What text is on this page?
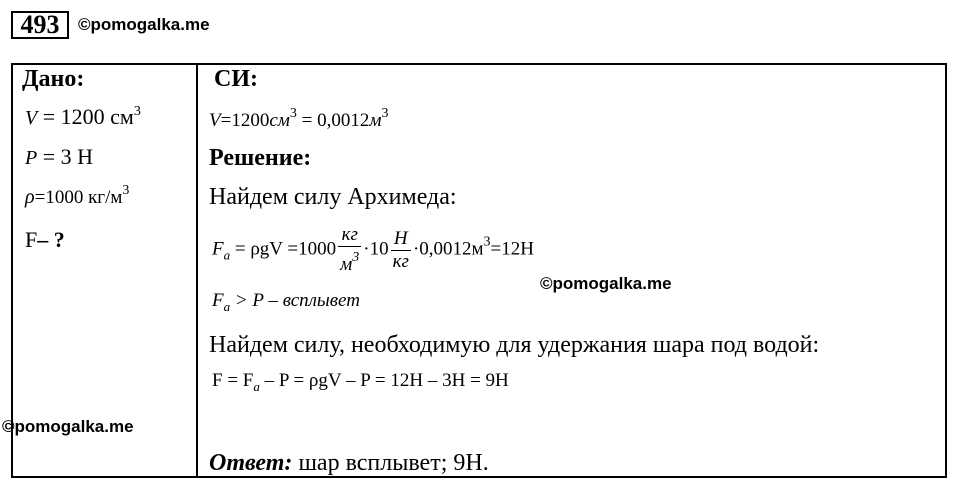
493	©pomogalka.me
Дано:
V = 1200 $см^3$
P = 3 Н
ρ=1000 $кг/м^3$
F– ?
СИ:
$V=1200см^3 = 0,0012м^3$
Решение:
Найдем силу Архимеда:
$F_a = \rho gV =1000 \frac{кг}{м^3} \cdot 10 \frac{Н}{кг} \cdot 0,0012м^3=12Н$
©pomogalka.me
$F_a > P$ – всплывет
Найдем силу, необходимую для удержания шара под водой:
$F = F_a - P = \rho gV - P = 12Н - 3Н = 9Н$
©pomogalka.me
Ответ: шар всплывет; 9Н.
